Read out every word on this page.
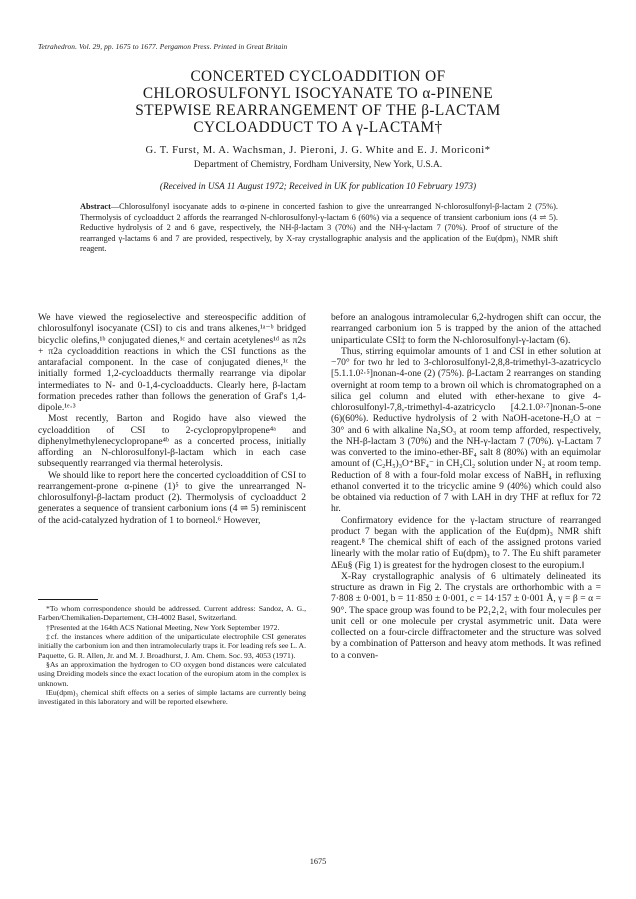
Tetrahedron. Vol. 29, pp. 1675 to 1677. Pergamon Press. Printed in Great Britain
CONCERTED CYCLOADDITION OF
CHLOROSULFONYL ISOCYANATE TO α-PINENE
STEPWISE REARRANGEMENT OF THE β-LACTAM
CYCLOADDUCT TO A γ-LACTAM†
G. T. Furst, M. A. Wachsman, J. Pieroni, J. G. White and E. J. Moriconi*
Department of Chemistry, Fordham University, New York, U.S.A.
(Received in USA 11 August 1972; Received in UK for publication 10 February 1973)
Abstract—Chlorosulfonyl isocyanate adds to α-pinene in concerted fashion to give the unrearranged N-chlorosulfonyl-β-lactam 2 (75%). Thermolysis of cycloadduct 2 affords the rearranged N-chlorosulfonyl-γ-lactam 6 (60%) via a sequence of transient carbonium ions (4 ⇌ 5). Reductive hydrolysis of 2 and 6 gave, respectively, the NH-β-lactam 3 (70%) and the NH-γ-lactam 7 (70%). Proof of structure of the rearranged γ-lactams 6 and 7 are provided, respectively, by X-ray crystallographic analysis and the application of the Eu(dpm)₃ NMR shift reagent.

We have viewed the regioselective and stereospecific addition of chlorosulfonyl isocyanate (CSI) to cis and trans alkenes,¹ᵃ⁻ᵇ bridged bicyclic olefins,¹ᵇ conjugated dienes,¹ᶜ and certain acetylenes¹ᵈ as π2s + π2a cycloaddition reactions in which the CSI functions as the antarafacial component. In the case of conjugated dienes,¹ᶜ the initially formed 1,2-cycloadducts thermally rearrange via dipolar intermediates to N- and 0-1,4-cycloadducts. Clearly here, β-lactam formation precedes rather than follows the generation of Graf's 1,4-dipole.¹ᵉ·³

Most recently, Barton and Rogido have also viewed the cycloaddition of CSI to 2-cyclopropylpropene⁴ᵃ and diphenylmethylenecyclopropane⁴ᵇ as a concerted process, initially affording an N-chlorosulfonyl-β-lactam which in each case subsequently rearranged via thermal heterolysis.

We should like to report here the concerted cycloaddition of CSI to rearrangement-prone α-pinene (1)⁵ to give the unrearranged N-chlorosulfonyl-β-lactam product (2). Thermolysis of cycloadduct 2 generates a sequence of transient carbonium ions (4 ⇌ 5) reminiscent of the acid-catalyzed hydration of 1 to borneol.⁶ However,

*To whom correspondence should be addressed. Current address: Sandoz, A. G., Farben/Chemikalien-Departement, CH-4002 Basel, Switzerland.

†Presented at the 164th ACS National Meeting, New York September 1972.

‡cf. the instances where addition of the uniparticulate electrophile CSI generates initially the carbonium ion and then intramolecularly traps it. For leading refs see L. A. Paquette, G. R. Allen, Jr. and M. J. Broadhurst, J. Am. Chem. Soc. 93, 4053 (1971).

§As an approximation the hydrogen to CO oxygen bond distances were calculated using Dreiding models since the exact location of the europium atom in the complex is unknown.

ǁEu(dpm)₃ chemical shift effects on a series of simple lactams are currently being investigated in this laboratory and will be reported elsewhere.

before an analogous intramolecular 6,2-hydrogen shift can occur, the rearranged carbonium ion 5 is trapped by the anion of the attached uniparticulate CSI‡ to form the N-chlorosulfonyl-γ-lactam (6).

Thus, stirring equimolar amounts of 1 and CSI in ether solution at −70° for two hr led to 3-chlorosulfonyl-2,8,8-trimethyl-3-azatricyclo [5.1.1.0²·⁵]nonan-4-one (2) (75%). β-Lactam 2 rearranges on standing overnight at room temp to a brown oil which is chromatographed on a silica gel column and eluted with ether-hexane to give 4-chlorosulfonyl-7,8,-trimethyl-4-azatricyclo [4.2.1.0³·⁷]nonan-5-one (6)(60%). Reductive hydrolysis of 2 with NaOH-acetone-H₂O at − 30° and 6 with alkaline Na₂SO₃ at room temp afforded, respectively, the NH-β-lactam 3 (70%) and the NH-γ-lactam 7 (70%). γ-Lactam 7 was converted to the imino-ether-BF₄ salt 8 (80%) with an equimolar amount of (C₂H₅)₃O⁺BF₄⁻ in CH₂Cl₂ solution under N₂ at room temp. Reduction of 8 with a four-fold molar excess of NaBH₄ in refluxing ethanol converted it to the tricyclic amine 9 (40%) which could also be obtained via reduction of 7 with LAH in dry THF at reflux for 72 hr.

Confirmatory evidence for the γ-lactam structure of rearranged product 7 began with the application of the Eu(dpm)₃ NMR shift reagent.⁸ The chemical shift of each of the assigned protons varied linearly with the molar ratio of Eu(dpm)₃ to 7. The Eu shift parameter ΔEu§ (Fig 1) is greatest for the hydrogen closest to the europium.ǁ

X-Ray crystallographic analysis of 6 ultimately delineated its structure as drawn in Fig 2. The crystals are orthorhombic with a = 7·808 ± 0·001, b = 11·850 ± 0·001, c = 14·157 ± 0·001 Å, γ = β = α = 90°. The space group was found to be P2₁2₁2₁ with four molecules per unit cell or one molecule per crystal asymmetric unit. Data were collected on a four-circle diffractometer and the structure was solved by a combination of Patterson and heavy atom methods. It was refined to a conven-

1675
